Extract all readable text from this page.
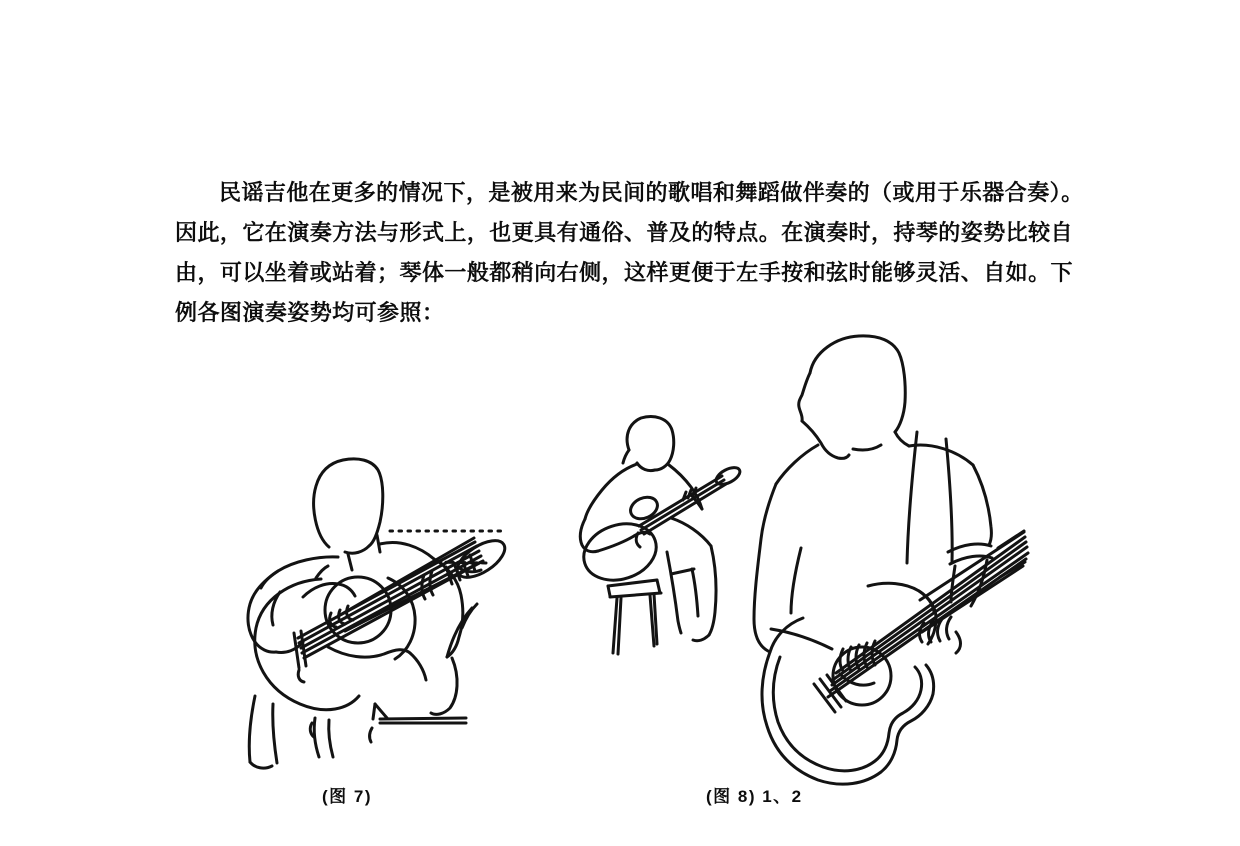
民谣吉他在更多的情况下，是被用来为民间的歌唱和舞蹈做伴奏的（或用于乐器合奏）。
因此，它在演奏方法与形式上，也更具有通俗、普及的特点。在演奏时，持琴的姿势比较自
由，可以坐着或站着；琴体一般都稍向右侧，这样更便于左手按和弦时能够灵活、自如。下
例各图演奏姿势均可参照：
(图 7)	(图 8) 1、2
